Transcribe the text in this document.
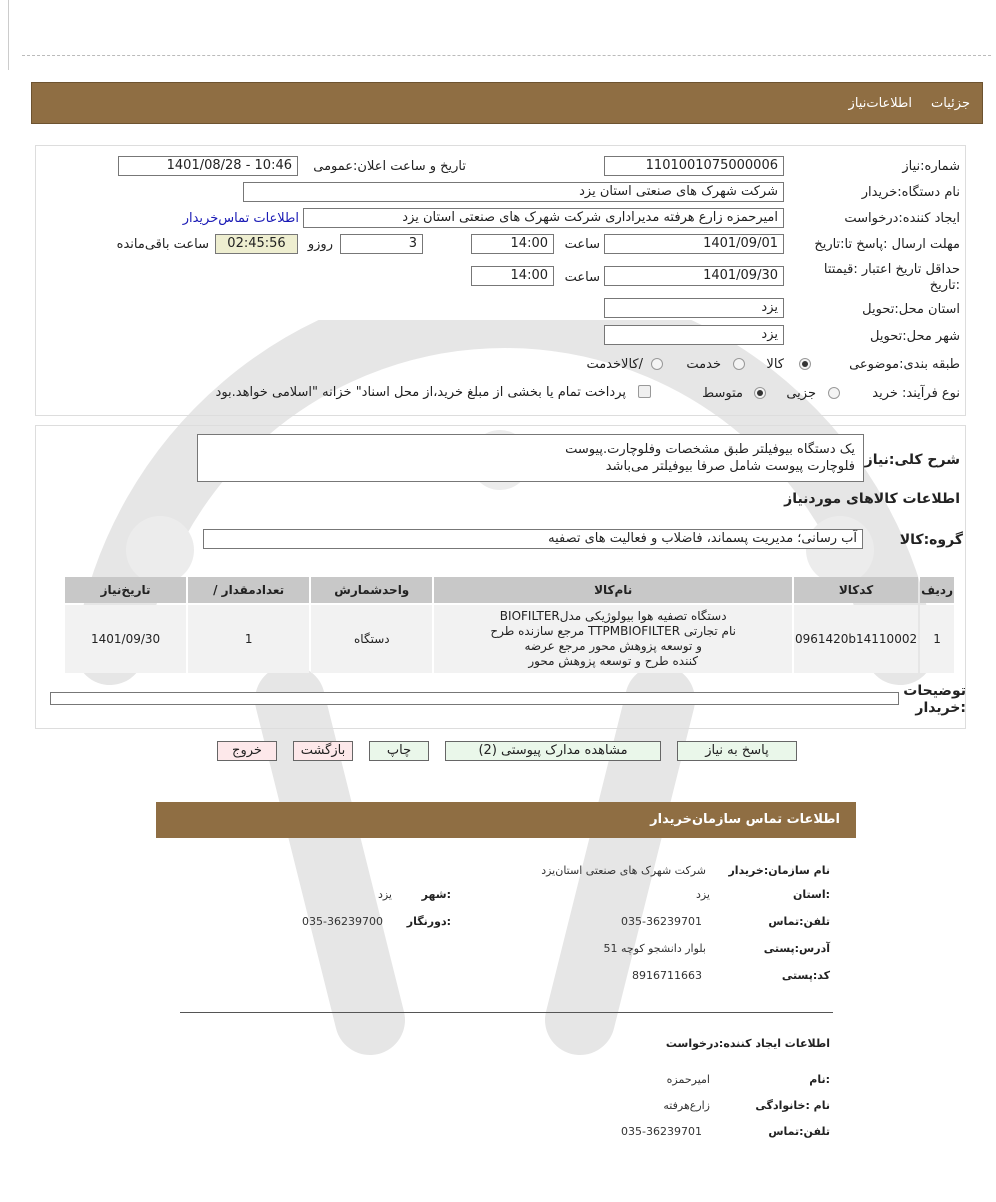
جزئیات
اطلاعات‌نیاز
شماره:نیاز
1101001075000006
تاریخ و ساعت اعلان:عمومی
1401/08/28 - 10:46
نام دستگاه:خریدار
شرکت شهرک های صنعتی استان یزد
ایجاد کننده:درخواست
امیرحمزه زارع هرفته مدیراداری شرکت شهرک های صنعتی استان یزد
اطلاعات تماس‌خریدار
مهلت ارسال :پاسخ تا:تاریخ
1401/09/01
ساعت
14:00
3
روزو
02:45:56
ساعت باقی‌مانده
حداقل تاریخ اعتبار :قیمتتا :تاریخ
1401/09/30
ساعت
14:00
استان محل:تحویل
یزد
شهر محل:تحویل
یزد
طبقه بندی:موضوعی
کالا
خدمت
/کالاخدمت
نوع فرآیند: خرید
جزیی
متوسط
پرداخت تمام یا بخشی از مبلغ خرید،از محل اسناد" خزانه "اسلامی خواهد.بود
شرح کلی:نیاز
یک دستگاه بیوفیلتر طبق مشخصات وفلوچارت.پیوست
فلوچارت پیوست شامل صرفا بیوفیلتر می‌باشد
اطلاعات کالاهای موردنیاز
گروه:کالا
آب رسانی؛ مدیریت پسماند، فاضلاب و فعالیت های تصفیه
تاریخ‌نیاز	/ تعدادمقدار	واحدشمارش	نام‌کالا	کدکالا	ردیف
1401/09/30	1	دستگاه	دستگاه تصفیه هوا بیولوژیکی مدلBIOFILTER
نام تجارتی TTPMBIOFILTER مرجع سازنده طرح
و توسعه پزوهش محور مرجع عرضه
کننده طرح و توسعه پزوهش محور	0961420b14110002	1
توضیحات :خریدار
پاسخ به نیاز
مشاهده مدارک پیوستی (2)
چاپ
بازگشت
خروج
اطلاعات تماس سازمان‌خریدار
نام سازمان:خریدار
شرکت شهرک های صنعتی استان‌یزد
:استان
یزد
:شهر
یزد
تلفن:تماس
035-36239701
:دورنگار
035-36239700
آدرس:پستی
بلوار دانشجو کوچه 51
کد:پستی
8916711663
اطلاعات ایجاد کننده:درخواست
:نام
امیرحمزه
نام :خانوادگی
زارع‌هرفته
تلفن:تماس
035-36239701
